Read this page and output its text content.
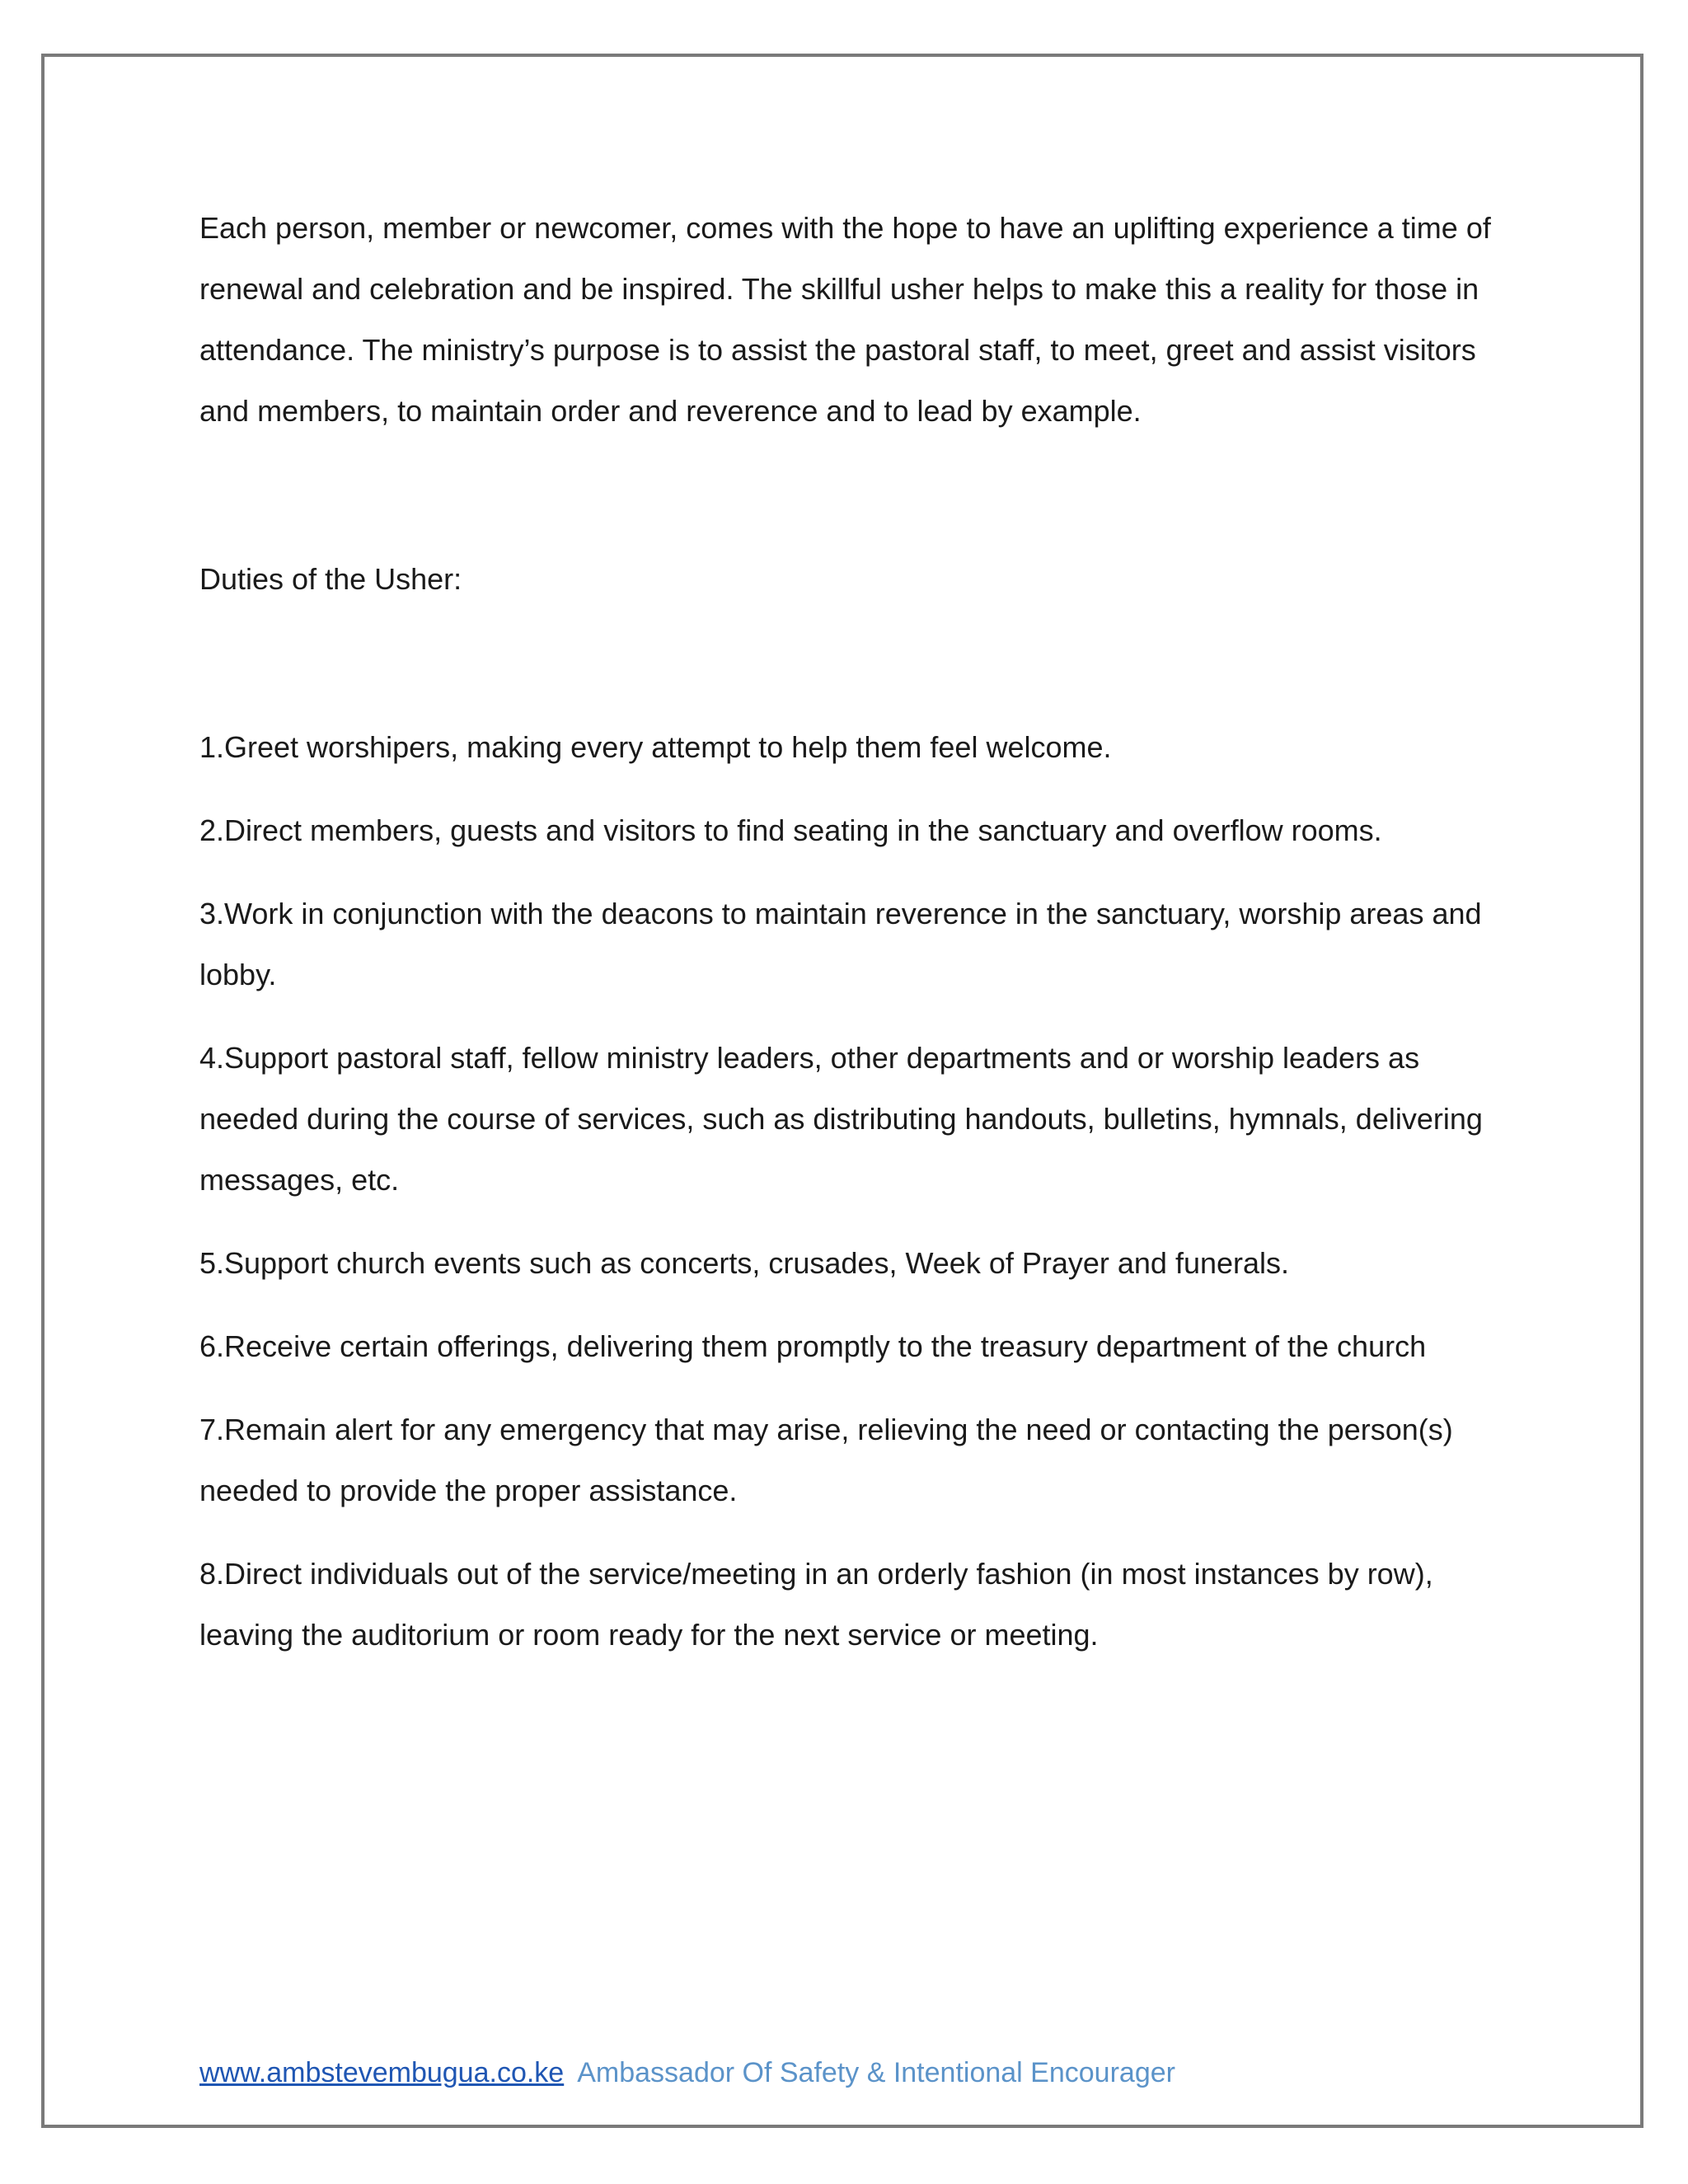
Each person, member or newcomer, comes with the hope to have an uplifting experience a time of renewal and celebration and be inspired. The skillful usher helps to make this a reality for those in attendance. The ministry’s purpose is to assist the pastoral staff, to meet, greet and assist visitors and members, to maintain order and reverence and to lead by example.

Duties of the Usher:

1.Greet worshipers, making every attempt to help them feel welcome.
2.Direct members, guests and visitors to find seating in the sanctuary and overflow rooms.
3.Work in conjunction with the deacons to maintain reverence in the sanctuary, worship areas and lobby.
4.Support pastoral staff, fellow ministry leaders, other departments and or worship leaders as needed during the course of services, such as distributing handouts, bulletins, hymnals, delivering messages, etc.
5.Support church events such as concerts, crusades, Week of Prayer and funerals.
6.Receive certain offerings, delivering them promptly to the treasury department of the church
7.Remain alert for any emergency that may arise, relieving the need or contacting the person(s) needed to provide the proper assistance.
8.Direct individuals out of the service/meeting in an orderly fashion (in most instances by row), leaving the auditorium or room ready for the next service or meeting.
www.ambstevembugua.co.ke Ambassador Of Safety & Intentional Encourager
